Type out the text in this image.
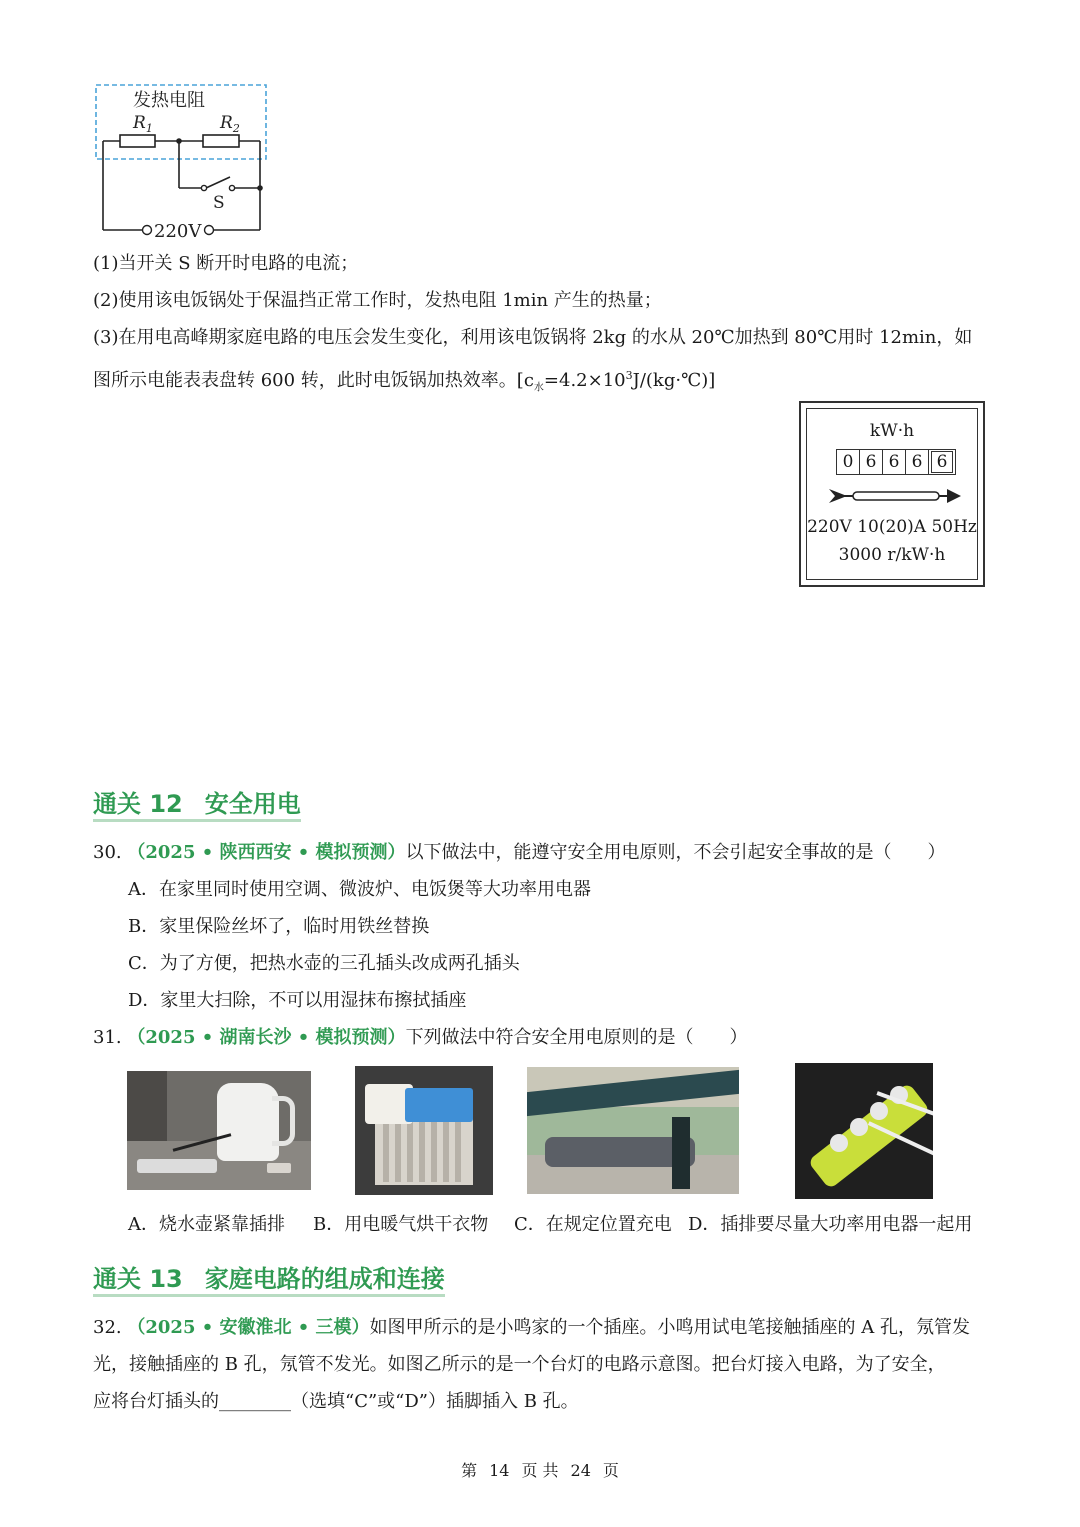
发热电阻
$R_1$	$R_2$
S
220V
(1)当开关 S 断开时电路的电流；
(2)使用该电饭锅处于保温挡正常工作时，发热电阻 1min 产生的热量；
(3)在用电高峰期家庭电路的电压会发生变化，利用该电饭锅将 2kg 的水从 20℃加热到 80℃用时 12min，如
图所示电能表表盘转 600 转，此时电饭锅加热效率。$[c_水=4.2\times 10^3J/(kg\cdot℃)]$
kW·h
0 6 6 6 6
220V 10(20)A 50Hz
3000 r/kW·h
通关 12 安全用电
30. （2025 • 陕西西安 • 模拟预测）以下做法中，能遵守安全用电原则，不会引起安全事故的是（　　）
A．在家里同时使用空调、微波炉、电饭煲等大功率用电器
B．家里保险丝坏了，临时用铁丝替换
C．为了方便，把热水壶的三孔插头改成两孔插头
D．家里大扫除，不可以用湿抹布擦拭插座
31. （2025 • 湖南长沙 • 模拟预测）下列做法中符合安全用电原则的是（　　）
A．烧水壶紧靠插排 B．用电暖气烘干衣物 C．在规定位置充电 D．插排要尽量大功率用电器一起用
通关 13 家庭电路的组成和连接
32. （2025 • 安徽淮北 • 三模）如图甲所示的是小鸣家的一个插座。小鸣用试电笔接触插座的 A 孔，氖管发
光，接触插座的 B 孔，氖管不发光。如图乙所示的是一个台灯的电路示意图。把台灯接入电路，为了安全，
应将台灯插头的________（选填“C”或“D”）插脚插入 B 孔。
第 14 页 共 24 页
